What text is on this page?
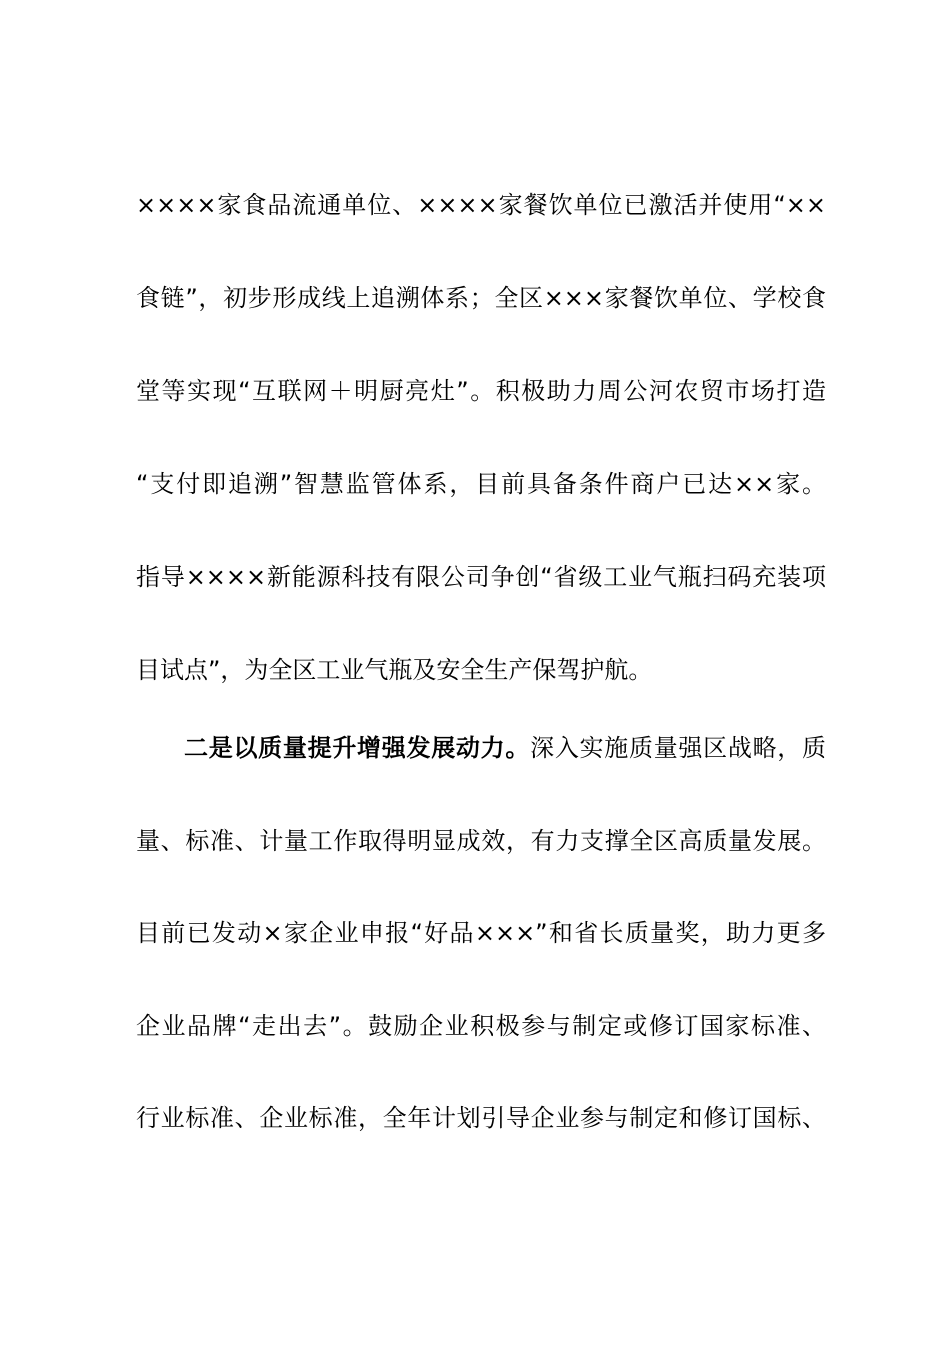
××××家食品流通单位、××××家餐饮单位已激活并使用“××
食链”，初步形成线上追溯体系；全区×××家餐饮单位、学校食
堂等实现“互联网＋明厨亮灶”。积极助力周公河农贸市场打造
“支付即追溯”智慧监管体系，目前具备条件商户已达××家。
指导××××新能源科技有限公司争创“省级工业气瓶扫码充装项
目试点”，为全区工业气瓶及安全生产保驾护航。
二是以质量提升增强发展动力。深入实施质量强区战略，质
量、标准、计量工作取得明显成效，有力支撑全区高质量发展。
目前已发动×家企业申报“好品×××”和省长质量奖，助力更多
企业品牌“走出去”。鼓励企业积极参与制定或修订国家标准、
行业标准、企业标准，全年计划引导企业参与制定和修订国标、
